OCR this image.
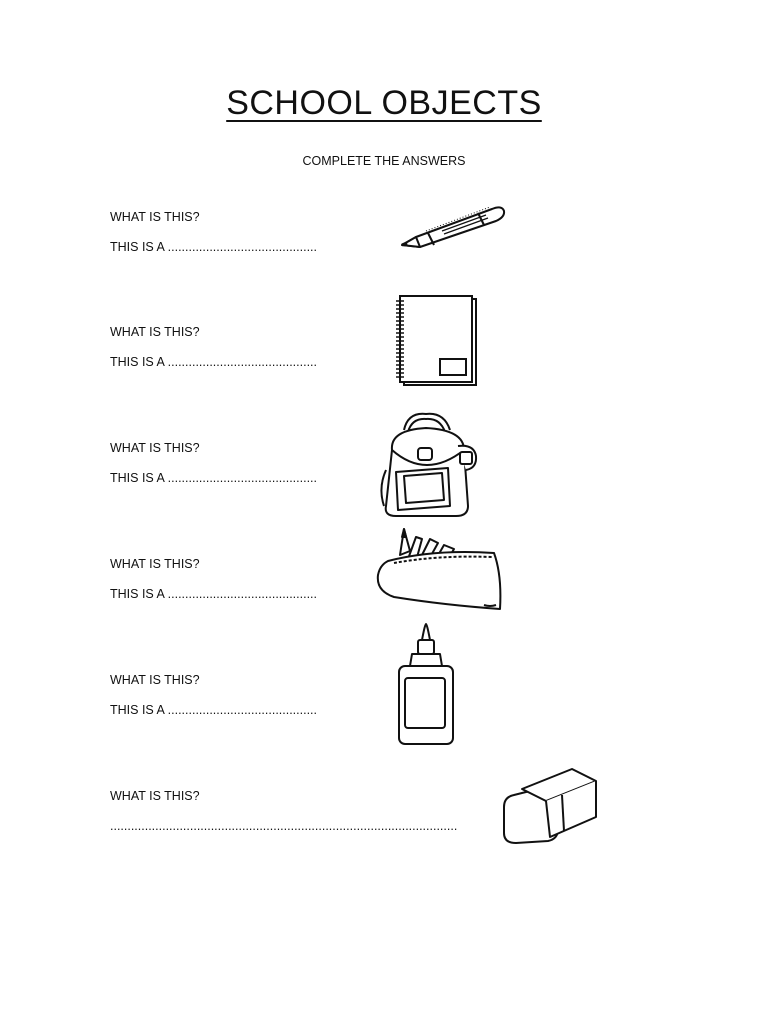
SCHOOL OBJECTS
COMPLETE THE ANSWERS
WHAT IS THIS?
THIS IS A ...........................................
WHAT IS THIS?
THIS IS A ...........................................
WHAT IS THIS?
THIS IS A ...........................................
WHAT IS THIS?
THIS IS A ...........................................
WHAT IS THIS?
THIS IS A ...........................................
WHAT IS THIS?
....................................................................................................
